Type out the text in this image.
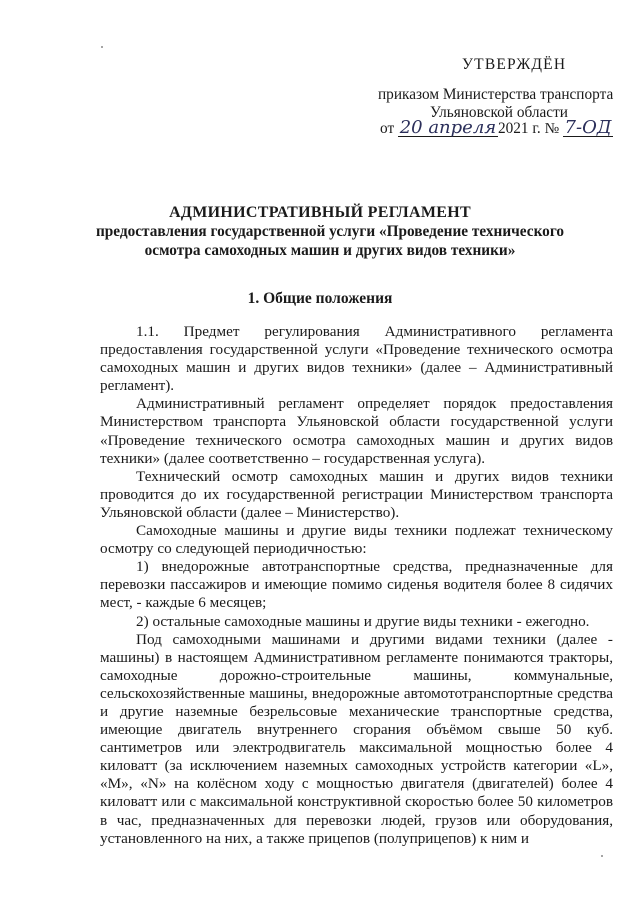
УТВЕРЖДЁН
приказом Министерства транспорта
Ульяновской области
от 20 апреля 2021 г. № 7-ОД
АДМИНИСТРАТИВНЫЙ РЕГЛАМЕНТ
предоставления государственной услуги «Проведение технического
осмотра самоходных машин и других видов техники»
1. Общие положения

1.1. Предмет регулирования Административного регламента предоставления государственной услуги «Проведение технического осмотра самоходных машин и других видов техники» (далее – Административный регламент).

Административный регламент определяет порядок предоставления Министерством транспорта Ульяновской области государственной услуги «Проведение технического осмотра самоходных машин и других видов техники» (далее соответственно – государственная услуга).

Технический осмотр самоходных машин и других видов техники проводится до их государственной регистрации Министерством транспорта Ульяновской области (далее – Министерство).

Самоходные машины и другие виды техники подлежат техническому осмотру со следующей периодичностью:

1) внедорожные автотранспортные средства, предназначенные для перевозки пассажиров и имеющие помимо сиденья водителя более 8 сидячих мест, - каждые 6 месяцев;

2) остальные самоходные машины и другие виды техники - ежегодно.

Под самоходными машинами и другими видами техники (далее - машины) в настоящем Административном регламенте понимаются тракторы, самоходные дорожно-строительные машины, коммунальные, сельскохозяйственные машины, внедорожные автомототранспортные средства и другие наземные безрельсовые механические транспортные средства, имеющие двигатель внутреннего сгорания объёмом свыше 50 куб. сантиметров или электродвигатель максимальной мощностью более 4 киловатт (за исключением наземных самоходных устройств категории «L», «M», «N» на колёсном ходу с мощностью двигателя (двигателей) более 4 киловатт или с максимальной конструктивной скоростью более 50 километров в час, предназначенных для перевозки людей, грузов или оборудования, установленного на них, а также прицепов (полуприцепов) к ним и
